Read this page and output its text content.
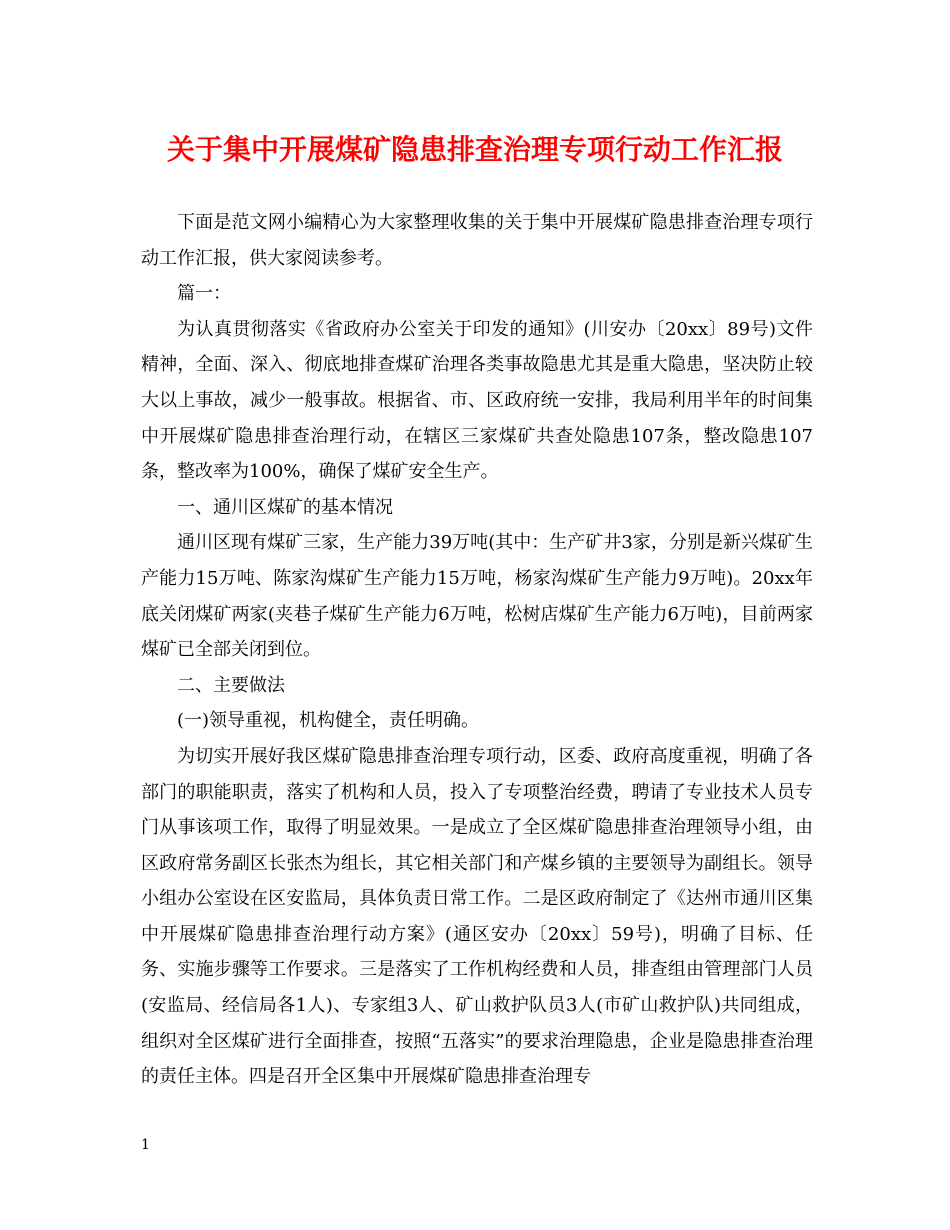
关于集中开展煤矿隐患排查治理专项行动工作汇报

下面是范文网小编精心为大家整理收集的关于集中开展煤矿隐患排查治理专项行动工作汇报，供大家阅读参考。

篇一：

为认真贯彻落实《省政府办公室关于印发的通知》(川安办〔20xx〕89号)文件精神，全面、深入、彻底地排查煤矿治理各类事故隐患尤其是重大隐患，坚决防止较大以上事故，减少一般事故。根据省、市、区政府统一安排，我局利用半年的时间集中开展煤矿隐患排查治理行动，在辖区三家煤矿共查处隐患107条，整改隐患107条，整改率为100%，确保了煤矿安全生产。

一、通川区煤矿的基本情况

通川区现有煤矿三家，生产能力39万吨(其中：生产矿井3家，分别是新兴煤矿生产能力15万吨、陈家沟煤矿生产能力15万吨，杨家沟煤矿生产能力9万吨)。20xx年底关闭煤矿两家(夹巷子煤矿生产能力6万吨，松树店煤矿生产能力6万吨)，目前两家煤矿已全部关闭到位。

二、主要做法

(一)领导重视，机构健全，责任明确。

为切实开展好我区煤矿隐患排查治理专项行动，区委、政府高度重视，明确了各部门的职能职责，落实了机构和人员，投入了专项整治经费，聘请了专业技术人员专门从事该项工作，取得了明显效果。一是成立了全区煤矿隐患排查治理领导小组，由区政府常务副区长张杰为组长，其它相关部门和产煤乡镇的主要领导为副组长。领导小组办公室设在区安监局，具体负责日常工作。二是区政府制定了《达州市通川区集中开展煤矿隐患排查治理行动方案》(通区安办〔20xx〕59号)，明确了目标、任务、实施步骤等工作要求。三是落实了工作机构经费和人员，排查组由管理部门人员(安监局、经信局各1人)、专家组3人、矿山救护队员3人(市矿山救护队)共同组成，组织对全区煤矿进行全面排查，按照“五落实”的要求治理隐患，企业是隐患排查治理的责任主体。四是召开全区集中开展煤矿隐患排查治理专

1
